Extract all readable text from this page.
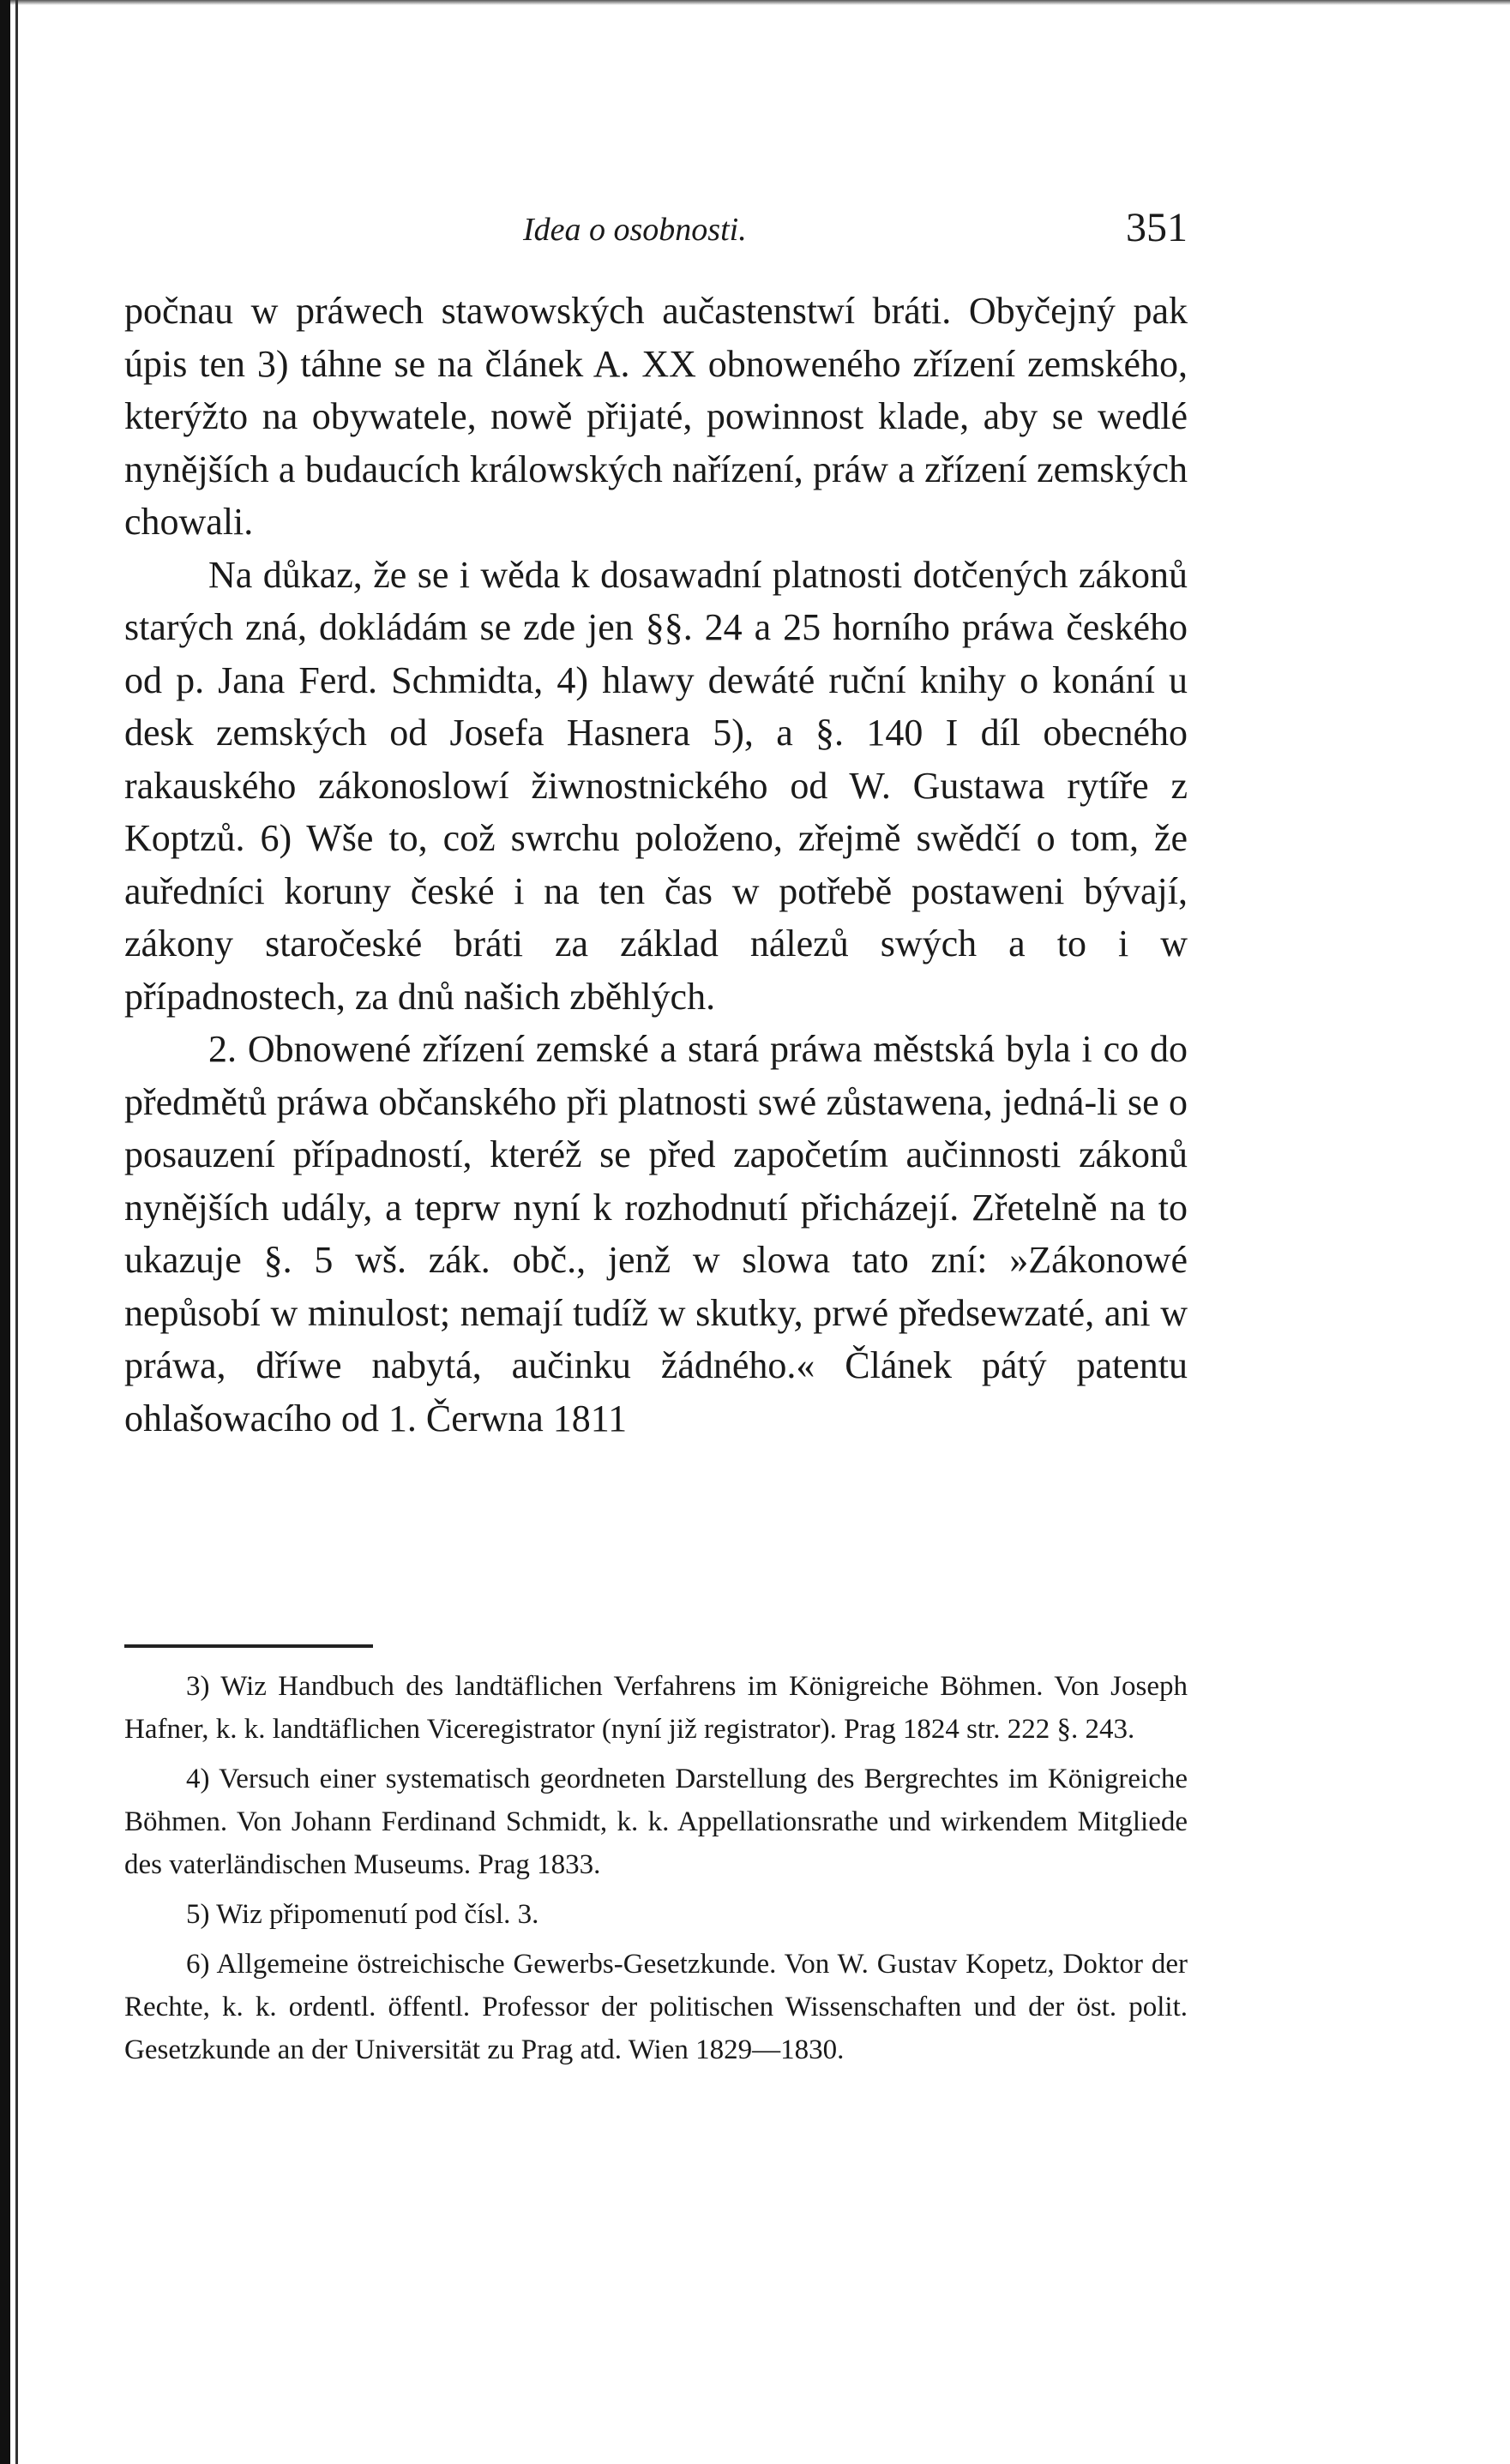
Idea o osobnosti.	351

počnau w práwech stawowských aučastenstwí bráti. Obyčejný pak úpis ten 3) táhne se na článek A. XX obnoweného zřízení zemského, kterýžto na obywatele, nowě přijaté, powinnost klade, aby se wedlé nynějších a budaucích králowských nařízení, práw a zřízení zemských chowali.

Na důkaz, že se i wěda k dosawadní platnosti dotčených zákonů starých zná, dokládám se zde jen §§. 24 a 25 horního práwa českého od p. Jana Ferd. Schmidta, 4) hlawy dewáté ruční knihy o konání u desk zemských od Josefa Hasnera 5), a §. 140 I díl obecného rakauského zákonoslowí žiwnostnického od W. Gustawa rytíře z Koptzů. 6) Wše to, což swrchu položeno, zřejmě swědčí o tom, že auředníci koruny české i na ten čas w potřebě postaweni bývají, zákony staročeské bráti za základ nálezů swých a to i w případnostech, za dnů našich zběhlých.

2. Obnowené zřízení zemské a stará práwa městská byla i co do předmětů práwa občanského při platnosti swé zůstawena, jedná-li se o posauzení případností, kteréž se před započetím aučinnosti zákonů nynějších udály, a teprw nyní k rozhodnutí přicházejí. Zřetelně na to ukazuje §. 5 wš. zák. obč., jenž w slowa tato zní: »Zákonowé nepůsobí w minulost; nemají tudíž w skutky, prwé předsewzaté, ani w práwa, dříwe nabytá, aučinku žádného.« Článek pátý patentu ohlašowacího od 1. Čerwna 1811

3) Wiz Handbuch des landtäflichen Verfahrens im Königreiche Böhmen. Von Joseph Hafner, k. k. landtäflichen Viceregistrator (nyní již registrator). Prag 1824 str. 222 §. 243.

4) Versuch einer systematisch geordneten Darstellung des Bergrechtes im Königreiche Böhmen. Von Johann Ferdinand Schmidt, k. k. Appellationsrathe und wirkendem Mitgliede des vaterländischen Museums. Prag 1833.

5) Wiz připomenutí pod čísl. 3.

6) Allgemeine östreichische Gewerbs-Gesetzkunde. Von W. Gustav Kopetz, Doktor der Rechte, k. k. ordentl. öffentl. Professor der politischen Wissenschaften und der öst. polit. Gesetzkunde an der Universität zu Prag atd. Wien 1829—1830.
